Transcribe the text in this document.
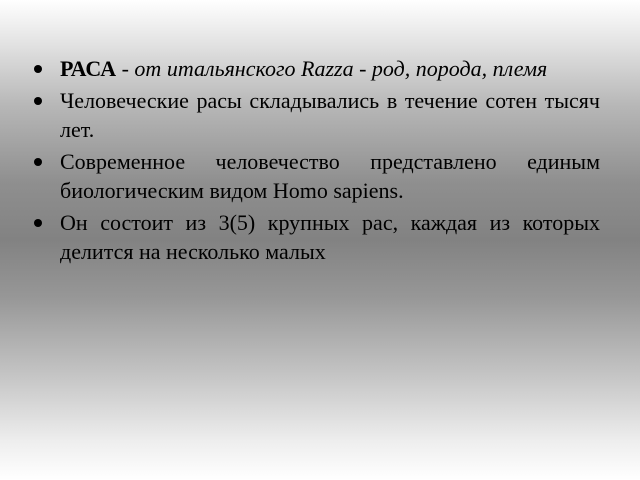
РАСА - от итальянского Razza - род, порода, племя
Человеческие расы складывались в течение сотен тысяч лет.
Современное человечество представлено единым биологическим видом Homo sapiens.
Он состоит из 3(5) крупных рас, каждая из которых делится на несколько малых
